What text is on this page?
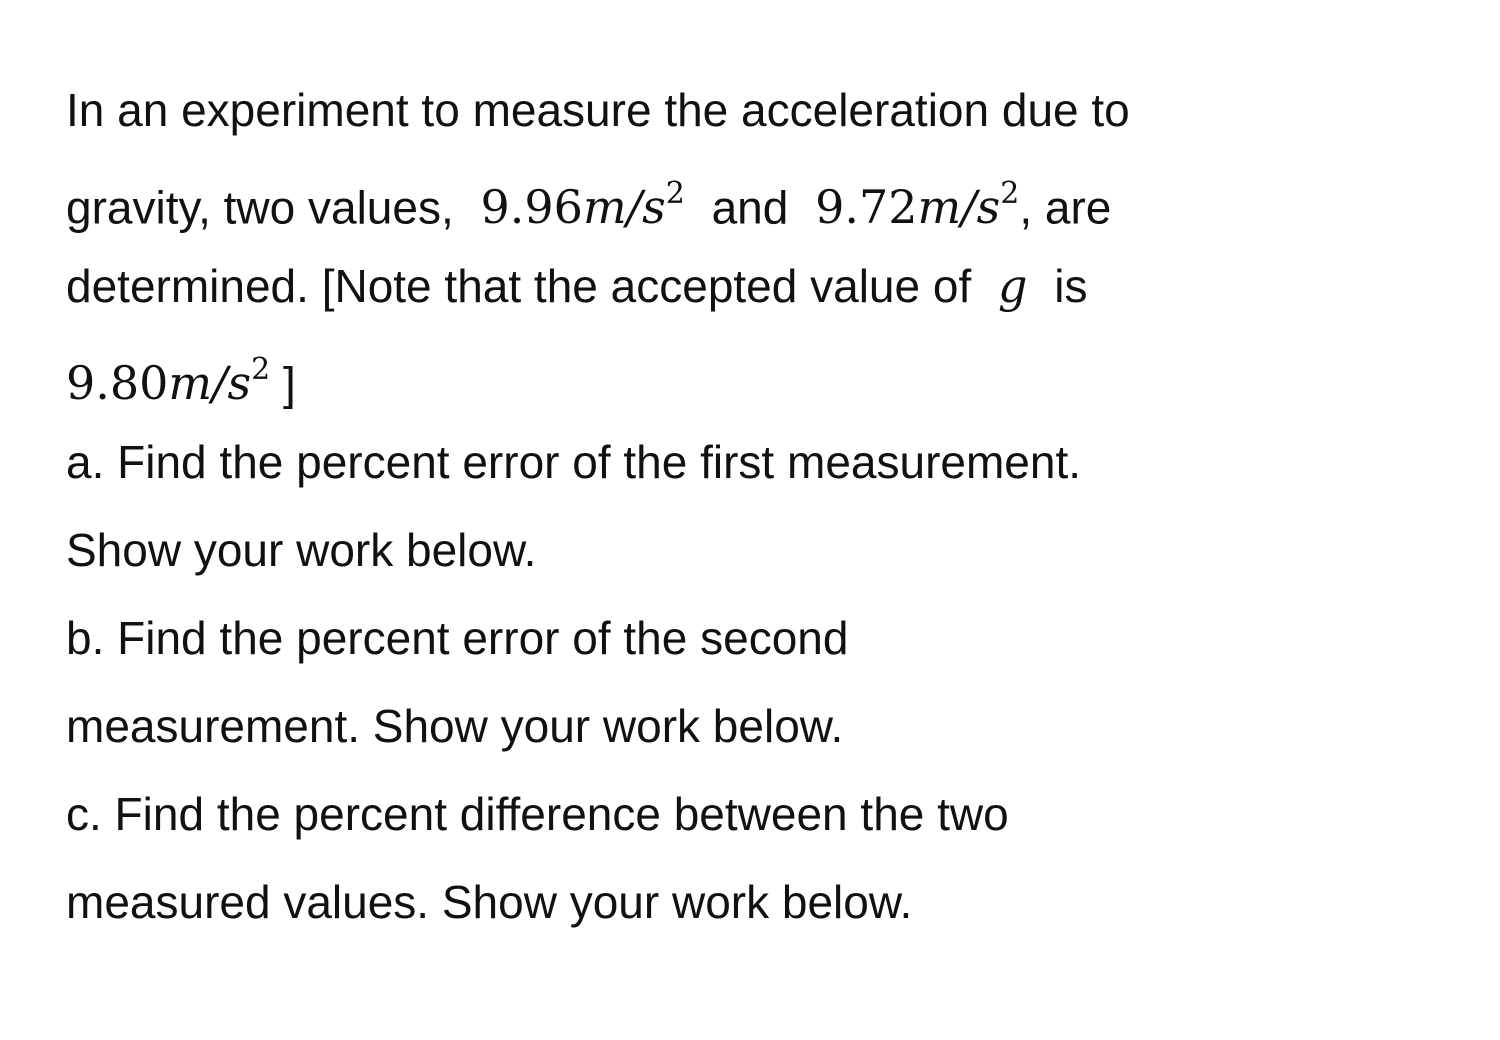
In an experiment to measure the acceleration due to
gravity, two values, $9.96m/s^2$ and $9.72m/s^2$, are
determined. [Note that the accepted value of g is
$9.80m/s^2$ ]
a. Find the percent error of the first measurement.
Show your work below.
b. Find the percent error of the second
measurement. Show your work below.
c. Find the percent difference between the two
measured values. Show your work below.
